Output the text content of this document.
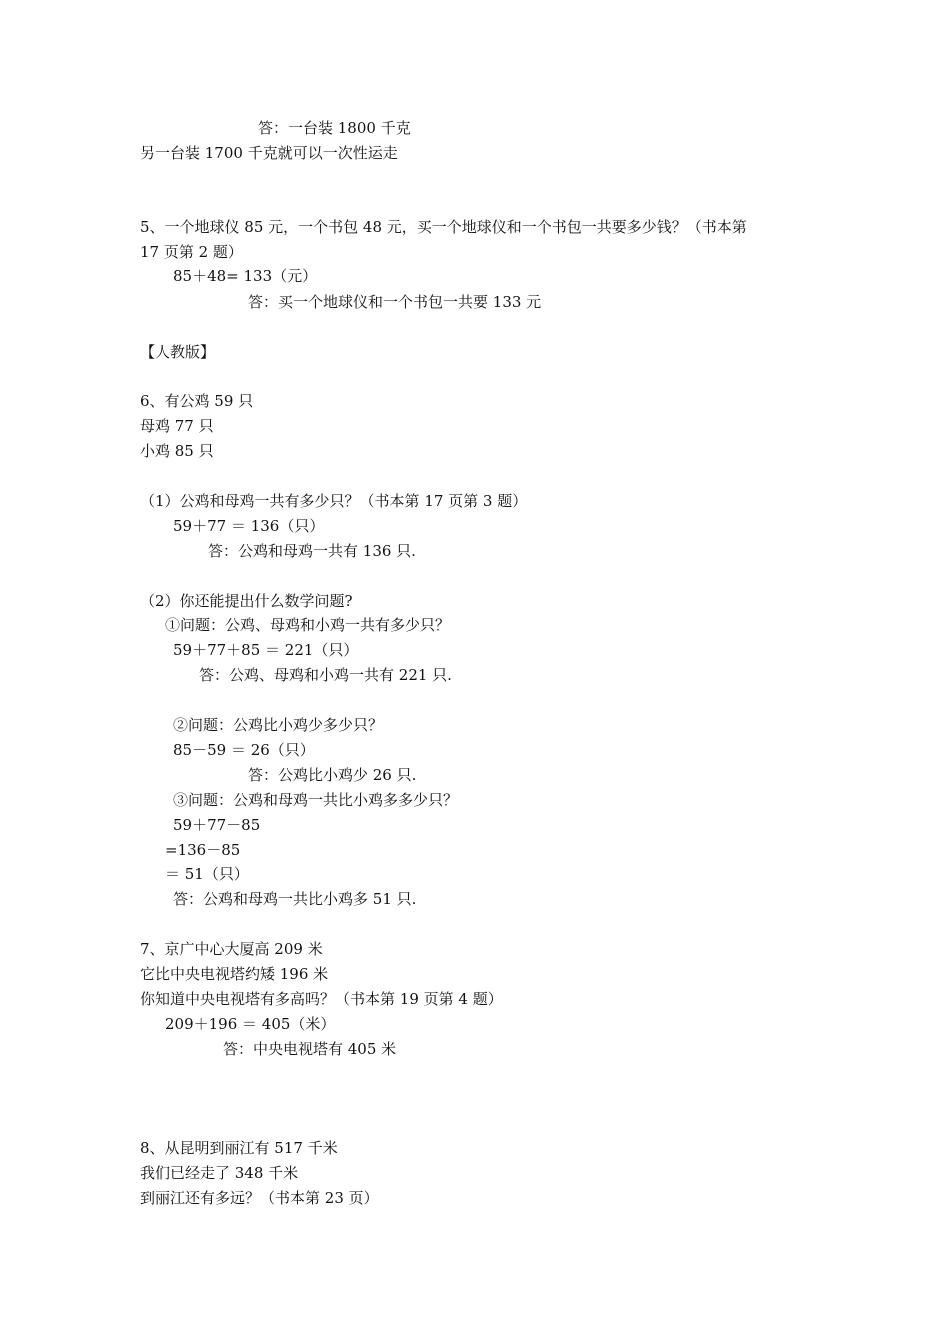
答：一台装 1800 千克
另一台装 1700 千克就可以一次性运走
5、一个地球仪 85 元，一个书包 48 元，买一个地球仪和一个书包一共要多少钱？（书本第
17 页第 2 题）
85＋48= 133（元）
答：买一个地球仪和一个书包一共要 133 元
【人教版】
6、有公鸡 59 只
母鸡 77 只
小鸡 85 只
（1）公鸡和母鸡一共有多少只？（书本第 17 页第 3 题）
59＋77 ＝ 136（只）
答：公鸡和母鸡一共有 136 只.
（2）你还能提出什么数学问题?
①问题：公鸡、母鸡和小鸡一共有多少只？
59＋77＋85 ＝ 221（只）
答：公鸡、母鸡和小鸡一共有 221 只.
②问题：公鸡比小鸡少多少只？
85－59 ＝ 26（只）
答：公鸡比小鸡少 26 只.
③问题：公鸡和母鸡一共比小鸡多多少只？
59＋77－85
=136－85
＝ 51（只）
答：公鸡和母鸡一共比小鸡多 51 只.
7、京广中心大厦高 209 米
它比中央电视塔约矮 196 米
你知道中央电视塔有多高吗？（书本第 19 页第 4 题）
209＋196 ＝ 405（米）
答：中央电视塔有 405 米
8、从昆明到丽江有 517 千米
我们已经走了 348 千米
到丽江还有多远？（书本第 23 页）
